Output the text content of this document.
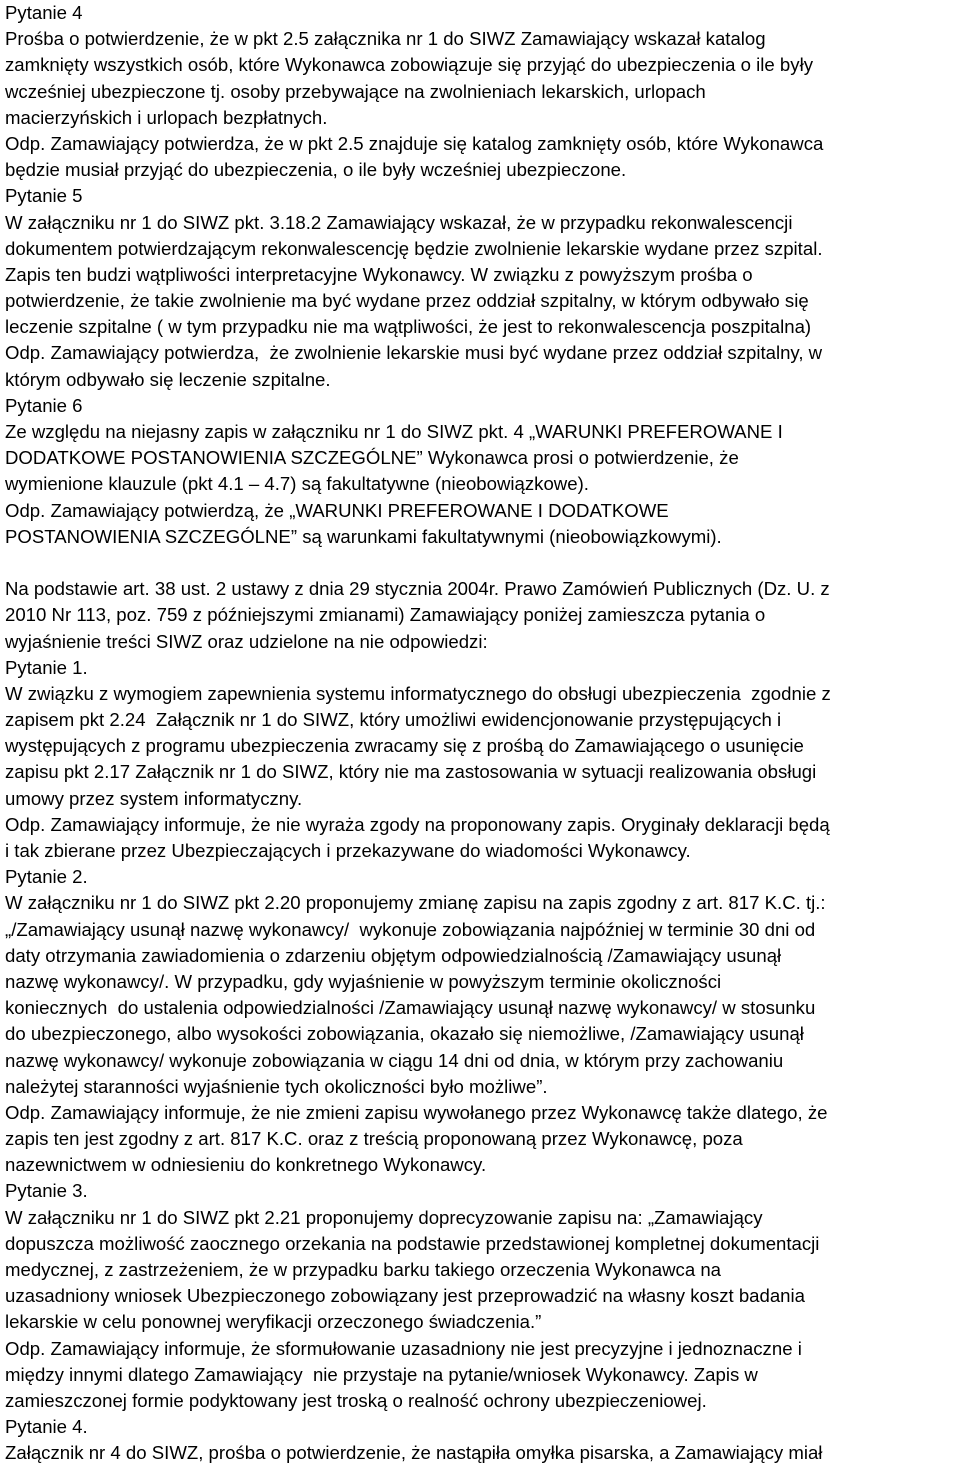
Pytanie 4
Prośba o potwierdzenie, że w pkt 2.5 załącznika nr 1 do SIWZ Zamawiający wskazał katalog
zamknięty wszystkich osób, które Wykonawca zobowiązuje się przyjąć do ubezpieczenia o ile były
wcześniej ubezpieczone tj. osoby przebywające na zwolnieniach lekarskich, urlopach
macierzyńskich i urlopach bezpłatnych.
Odp. Zamawiający potwierdza, że w pkt 2.5 znajduje się katalog zamknięty osób, które Wykonawca
będzie musiał przyjąć do ubezpieczenia, o ile były wcześniej ubezpieczone.
Pytanie 5
W załączniku nr 1 do SIWZ pkt. 3.18.2 Zamawiający wskazał, że w przypadku rekonwalescencji
dokumentem potwierdzającym rekonwalescencję będzie zwolnienie lekarskie wydane przez szpital.
Zapis ten budzi wątpliwości interpretacyjne Wykonawcy. W związku z powyższym prośba o
potwierdzenie, że takie zwolnienie ma być wydane przez oddział szpitalny, w którym odbywało się
leczenie szpitalne ( w tym przypadku nie ma wątpliwości, że jest to rekonwalescencja poszpitalna)
Odp. Zamawiający potwierdza,  że zwolnienie lekarskie musi być wydane przez oddział szpitalny, w
którym odbywało się leczenie szpitalne.
Pytanie 6
Ze względu na niejasny zapis w załączniku nr 1 do SIWZ pkt. 4 „WARUNKI PREFEROWANE I
DODATKOWE POSTANOWIENIA SZCZEGÓLNE” Wykonawca prosi o potwierdzenie, że
wymienione klauzule (pkt 4.1 – 4.7) są fakultatywne (nieobowiązkowe).
Odp. Zamawiający potwierdzą, że „WARUNKI PREFEROWANE I DODATKOWE
POSTANOWIENIA SZCZEGÓLNE” są warunkami fakultatywnymi (nieobowiązkowymi).
Na podstawie art. 38 ust. 2 ustawy z dnia 29 stycznia 2004r. Prawo Zamówień Publicznych (Dz. U. z
2010 Nr 113, poz. 759 z późniejszymi zmianami) Zamawiający poniżej zamieszcza pytania o
wyjaśnienie treści SIWZ oraz udzielone na nie odpowiedzi:
Pytanie 1.
W związku z wymogiem zapewnienia systemu informatycznego do obsługi ubezpieczenia  zgodnie z
zapisem pkt 2.24  Załącznik nr 1 do SIWZ, który umożliwi ewidencjonowanie przystępujących i
występujących z programu ubezpieczenia zwracamy się z prośbą do Zamawiającego o usunięcie
zapisu pkt 2.17 Załącznik nr 1 do SIWZ, który nie ma zastosowania w sytuacji realizowania obsługi
umowy przez system informatyczny.
Odp. Zamawiający informuje, że nie wyraża zgody na proponowany zapis. Oryginały deklaracji będą
i tak zbierane przez Ubezpieczających i przekazywane do wiadomości Wykonawcy.
Pytanie 2.
W załączniku nr 1 do SIWZ pkt 2.20 proponujemy zmianę zapisu na zapis zgodny z art. 817 K.C. tj.:
„/Zamawiający usunął nazwę wykonawcy/  wykonuje zobowiązania najpóźniej w terminie 30 dni od
daty otrzymania zawiadomienia o zdarzeniu objętym odpowiedzialnością /Zamawiający usunął
nazwę wykonawcy/. W przypadku, gdy wyjaśnienie w powyższym terminie okoliczności
koniecznych  do ustalenia odpowiedzialności /Zamawiający usunął nazwę wykonawcy/ w stosunku
do ubezpieczonego, albo wysokości zobowiązania, okazało się niemożliwe, /Zamawiający usunął
nazwę wykonawcy/ wykonuje zobowiązania w ciągu 14 dni od dnia, w którym przy zachowaniu
należytej staranności wyjaśnienie tych okoliczności było możliwe”.
Odp. Zamawiający informuje, że nie zmieni zapisu wywołanego przez Wykonawcę także dlatego, że
zapis ten jest zgodny z art. 817 K.C. oraz z treścią proponowaną przez Wykonawcę, poza
nazewnictwem w odniesieniu do konkretnego Wykonawcy.
Pytanie 3.
W załączniku nr 1 do SIWZ pkt 2.21 proponujemy doprecyzowanie zapisu na: „Zamawiający
dopuszcza możliwość zaocznego orzekania na podstawie przedstawionej kompletnej dokumentacji
medycznej, z zastrzeżeniem, że w przypadku barku takiego orzeczenia Wykonawca na
uzasadniony wniosek Ubezpieczonego zobowiązany jest przeprowadzić na własny koszt badania
lekarskie w celu ponownej weryfikacji orzeczonego świadczenia.”
Odp. Zamawiający informuje, że sformułowanie uzasadniony nie jest precyzyjne i jednoznaczne i
między innymi dlatego Zamawiający  nie przystaje na pytanie/wniosek Wykonawcy. Zapis w
zamieszczonej formie podyktowany jest troską o realność ochrony ubezpieczeniowej.
Pytanie 4.
Załącznik nr 4 do SIWZ, prośba o potwierdzenie, że nastąpiła omyłka pisarska, a Zamawiający miał
